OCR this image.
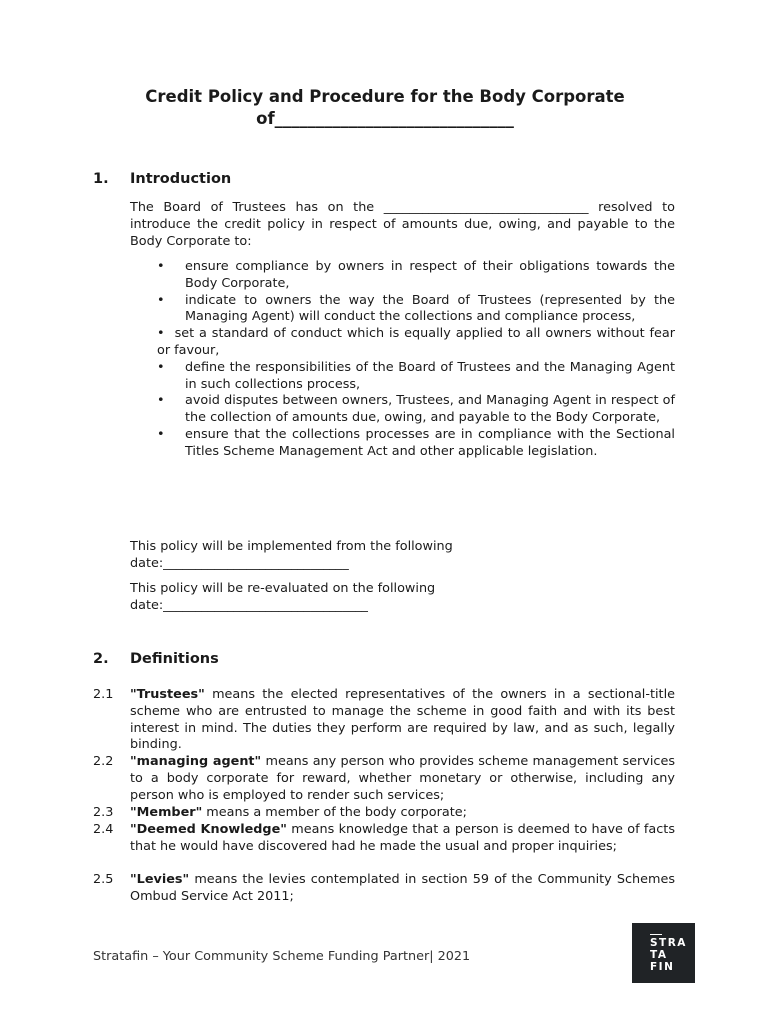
Credit Policy and Procedure for the Body Corporate
of_____________________________
1. Introduction
The Board of Trustees has on the ________________________________ resolved to introduce the credit policy in respect of amounts due, owing, and payable to the Body Corporate to:
• ensure compliance by owners in respect of their obligations towards the Body Corporate,
• indicate to owners the way the Board of Trustees (represented by the Managing Agent) will conduct the collections and compliance process,
• set a standard of conduct which is equally applied to all owners without fear or favour,
• define the responsibilities of the Board of Trustees and the Managing Agent in such collections process,
• avoid disputes between owners, Trustees, and Managing Agent in respect of the collection of amounts due, owing, and payable to the Body Corporate,
• ensure that the collections processes are in compliance with the Sectional Titles Scheme Management Act and other applicable legislation.
This policy will be implemented from the following
date:_____________________________
This policy will be re-evaluated on the following
date:________________________________
2. Definitions
2.1 "Trustees" means the elected representatives of the owners in a sectional-title scheme who are entrusted to manage the scheme in good faith and with its best interest in mind. The duties they perform are required by law, and as such, legally binding.
2.2 "managing agent" means any person who provides scheme management services to a body corporate for reward, whether monetary or otherwise, including any person who is employed to render such services;
2.3 "Member" means a member of the body corporate;
2.4 "Deemed Knowledge" means knowledge that a person is deemed to have of facts that he would have discovered had he made the usual and proper inquiries;
2.5 "Levies" means the levies contemplated in section 59 of the Community Schemes Ombud Service Act 2011;
Stratafin – Your Community Scheme Funding Partner| 2021
STRA
TA
FIN
